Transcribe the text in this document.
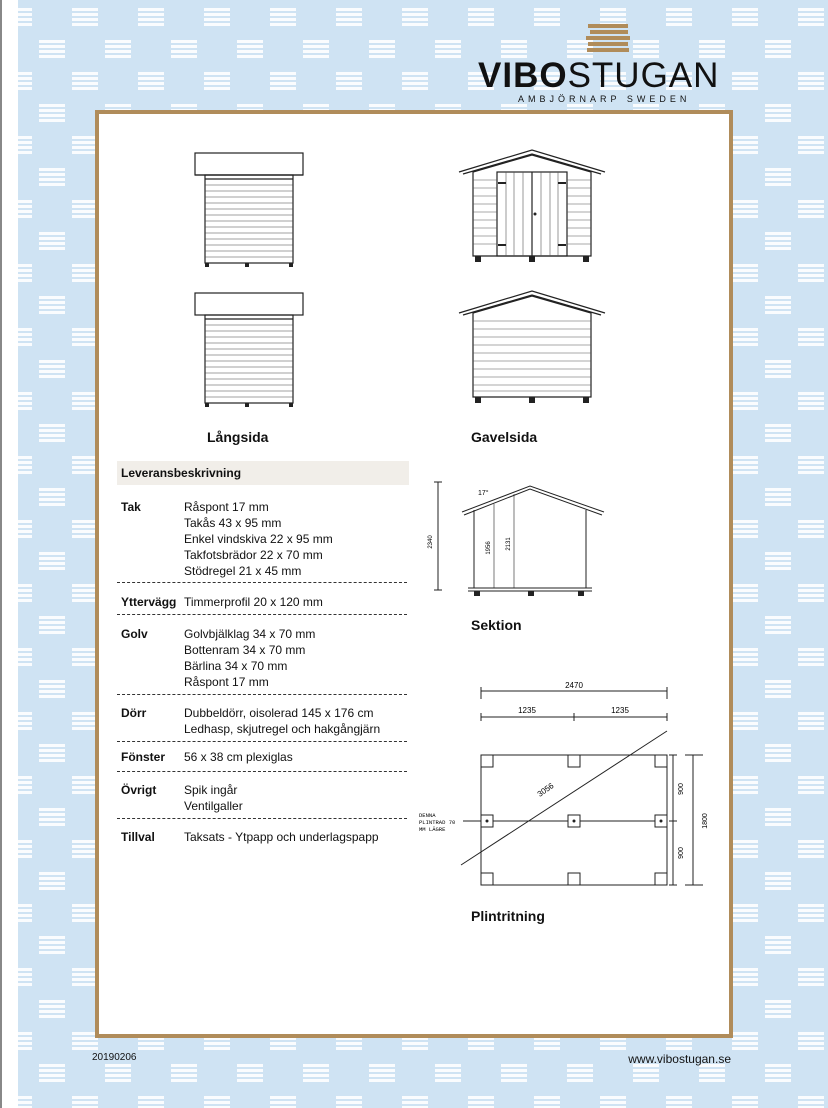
VIBOSTUGAN
AMBJÖRNARP SWEDEN
Långsida	Gavelsida
Leveransbeskrivning
Tak	Råspont 17 mm
Takås 43 x 95 mm
Enkel vindskiva 22 x 95 mm
Takfotsbrädor 22 x 70 mm
Stödregel 21 x 45 mm
Yttervägg Timmerprofil 20 x 120 mm
Golv	Golvbjälklag 34 x 70 mm
Bottenram 34 x 70 mm
Bärlina 34 x 70 mm
Råspont 17 mm
Dörr	Dubbeldörr, oisolerad 145 x 176 cm
Ledhasp, skjutregel och hakgångjärn
Fönster 56 x 38 cm plexiglas
Övrigt Spik ingår
Ventilgaller
Tillval Taksats - Ytpapp och underlagspapp
17°
2340	1956 2131
Sektion
2470
1235	1235
3056	900
900
1800
DENNA
PLINTRAD 70
MM LÄGRE
Plintritning
20190206	www.vibostugan.se
